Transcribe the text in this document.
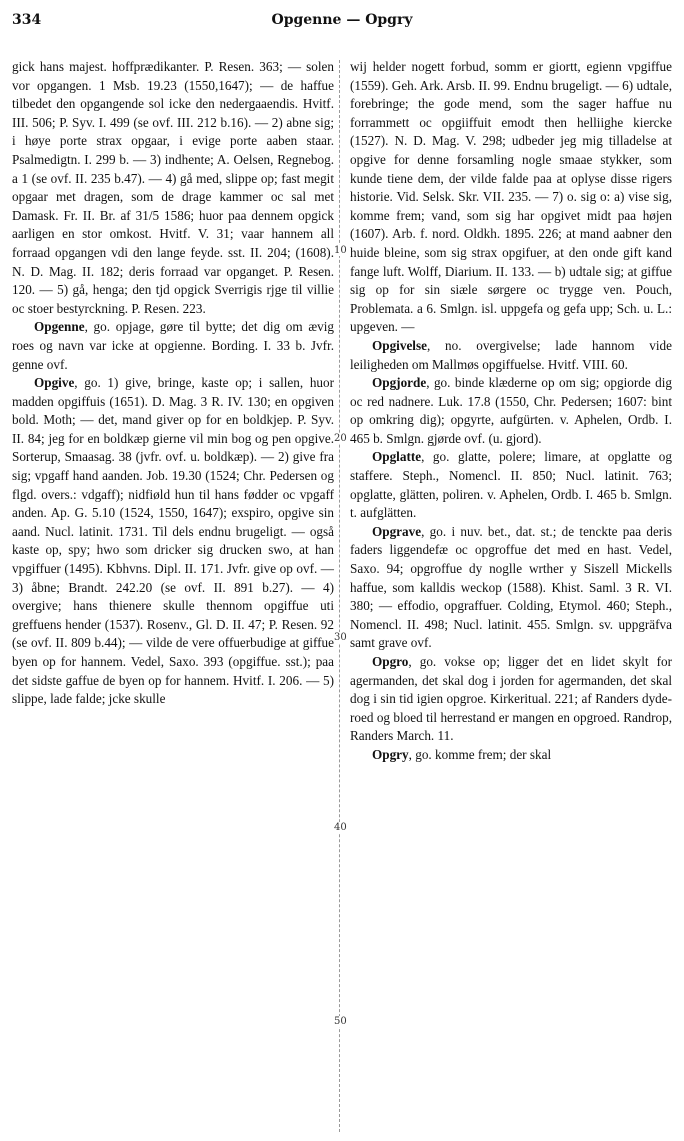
334	Opgenne — Opgry
10
20
30
40
50

gick hans majest. hoffprædikanter. P. Resen. 363; — solen vor opgangen. 1 Msb. 19.23 (1550,1647); — de haffue tilbedet den opgangende sol icke den nedergaaendis. Hvitf. III. 506; P. Syv. I. 499 (se ovf. III. 212 b.16). — 2) abne sig; i høye porte strax opgaar, i evige porte aaben staar. Psalmedigtn. I. 299 b. — 3) indhente; A. Oelsen, Regnebog. a 1 (se ovf. II. 235 b.47). — 4) gå med, slippe op; fast megit opgaar met dragen, som de drage kammer oc sal met Damask. Fr. II. Br. af 31/5 1586; huor paa dennem opgick aarligen en stor omkost. Hvitf. V. 31; vaar hannem all forraad opgangen vdi den lange feyde. sst. II. 204; (1608). N. D. Mag. II. 182; deris forraad var opganget. P. Resen. 120. — 5) gå, henga; den tjd opgick Sverrigis rjge til villie oc stoer bestyrckning. P. Resen. 223.

Opgenne, go. opjage, gøre til bytte; det dig om ævig roes og navn var icke at opgienne. Bording. I. 33 b. Jvfr. genne ovf.

Opgive, go. 1) give, bringe, kaste op; i sallen, huor madden opgiffuis (1651). D. Mag. 3 R. IV. 130; en opgiven bold. Moth; — det, mand giver op for en boldkjep. P. Syv. II. 84; jeg for en boldkæp gierne vil min bog og pen opgive. Sorterup, Smaasag. 38 (jvfr. ovf. u. boldkæp). — 2) give fra sig; vpgaff hand aanden. Job. 19.30 (1524; Chr. Pedersen og flgd. overs.: vdgaff); nidfiøld hun til hans fødder oc vpgaff anden. Ap. G. 5.10 (1524, 1550, 1647); exspiro, opgive sin aand. Nucl. latinit. 1731. Til dels endnu brugeligt. — også kaste op, spy; hwo som dricker sig drucken swo, at han vpgiffuer (1495). Kbhvns. Dipl. II. 171. Jvfr. give op ovf. — 3) åbne; Brandt. 242.20 (se ovf. II. 891 b.27). — 4) overgive; hans thienere skulle thennom opgiffue uti greffuens hender (1537). Rosenv., Gl. D. II. 47; P. Resen. 92 (se ovf. II. 809 b.44); — vilde de vere offuerbudige at giffue byen op for hannem. Vedel, Saxo. 393 (opgiffue. sst.); paa det sidste gaffue de byen op for hannem. Hvitf. I. 206. — 5) slippe, lade falde; jcke skulle

wij helder nogett forbud, somm er giortt, egienn vpgiffue (1559). Geh. Ark. Arsb. II. 99. Endnu brugeligt. — 6) udtale, forebringe; the gode mend, som the sager haffue nu forrammett oc opgiiffuit emodt then helliighe kiercke (1527). N. D. Mag. V. 298; udbeder jeg mig tilladelse at opgive for denne forsamling nogle smaae stykker, som kunde tiene dem, der vilde falde paa at oplyse disse rigers historie. Vid. Selsk. Skr. VII. 235. — 7) o. sig o: a) vise sig, komme frem; vand, som sig har opgivet midt paa højen (1607). Arb. f. nord. Oldkh. 1895. 226; at mand aabner den huide bleine, som sig strax opgifuer, at den onde gift kand fange luft. Wolff, Diarium. II. 133. — b) udtale sig; at giffue sig op for sin siæle sørgere oc trygge ven. Pouch, Problemata. a 6. Smlgn. isl. uppgefa og gefa upp; Sch. u. L.: upgeven. —

Opgivelse, no. overgivelse; lade hannom vide leiligheden om Mallmøs opgiffuelse. Hvitf. VIII. 60.

Opgjorde, go. binde klæderne op om sig; opgiorde dig oc red nadnere. Luk. 17.8 (1550, Chr. Pedersen; 1607: bint op omkring dig); opgyrte, aufgürten. v. Aphelen, Ordb. I. 465 b. Smlgn. gjørde ovf. (u. gjord).

Opglatte, go. glatte, polere; limare, at opglatte og staffere. Steph., Nomencl. II. 850; Nucl. latinit. 763; opglatte, glätten, poliren. v. Aphelen, Ordb. I. 465 b. Smlgn. t. aufglätten.

Opgrave, go. i nuv. bet., dat. st.; de tenckte paa deris faders liggendefæ oc opgroffue det med en hast. Vedel, Saxo. 94; opgroffue dy noglle wrther y Siszell Mickells haffue, som kalldis weckop (1588). Khist. Saml. 3 R. VI. 380; — effodio, opgraffuer. Colding, Etymol. 460; Steph., Nomencl. II. 498; Nucl. latinit. 455. Smlgn. sv. uppgräfva samt grave ovf.

Opgro, go. vokse op; ligger det en lidet skylt for agermanden, det skal dog i jorden for agermanden, det skal dog i sin tid igien opgroe. Kirkeritual. 221; af Randers dyde-roed og bloed til herrestand er mangen en opgroed. Randrop, Randers March. 11.

Opgry, go. komme frem; der skal
